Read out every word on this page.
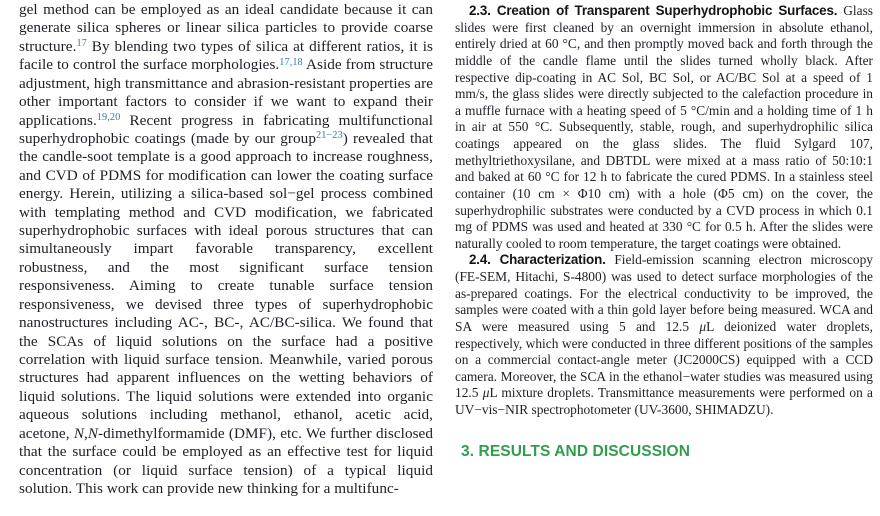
gel method can be employed as an ideal candidate because it can generate silica spheres or linear silica particles to provide coarse structure.$^{17}$ By blending two types of silica at different ratios, it is facile to control the surface morphologies.$^{17,18}$ Aside from structure adjustment, high transmittance and abrasion-resistant properties are other important factors to consider if we want to expand their applications.$^{19,20}$ Recent progress in fabricating multifunctional superhydrophobic coatings (made by our group$^{21-23}$) revealed that the candle-soot template is a good approach to increase roughness, and CVD of PDMS for modification can lower the coating surface energy. Herein, utilizing a silica-based sol−gel process combined with templating method and CVD modification, we fabricated superhydrophobic surfaces with ideal porous structures that can simultaneously impart favorable transparency, excellent robustness, and the most significant surface tension responsiveness. Aiming to create tunable surface tension responsiveness, we devised three types of superhydrophobic nanostructures including AC-, BC-, AC/BC-silica. We found that the SCAs of liquid solutions on the surface had a positive correlation with liquid surface tension. Meanwhile, varied porous structures had apparent influences on the wetting behaviors of liquid solutions. The liquid solutions were extended into organic aqueous solutions including methanol, ethanol, acetic acid, acetone, N,N-dimethylformamide (DMF), etc. We further disclosed that the surface could be employed as an effective test for liquid concentration (or liquid surface tension) of a typical liquid solution. This work can provide new thinking for a multifunc-

2.3. Creation of Transparent Superhydrophobic Surfaces. Glass slides were first cleaned by an overnight immersion in absolute ethanol, entirely dried at 60 °C, and then promptly moved back and forth through the middle of the candle flame until the slides turned wholly black. After respective dip-coating in AC Sol, BC Sol, or AC/BC Sol at a speed of 1 mm/s, the glass slides were directly subjected to the calefaction procedure in a muffle furnace with a heating speed of 5 °C/min and a holding time of 1 h in air at 550 °C. Subsequently, stable, rough, and superhydrophilic silica coatings appeared on the glass slides. The fluid Sylgard 107, methyltriethoxysilane, and DBTDL were mixed at a mass ratio of 50:10:1 and baked at 60 °C for 12 h to fabricate the cured PDMS. In a stainless steel container (10 cm × Φ10 cm) with a hole (Φ5 cm) on the cover, the superhydrophilic substrates were conducted by a CVD process in which 0.1 mg of PDMS was used and heated at 330 °C for 0.5 h. After the slides were naturally cooled to room temperature, the target coatings were obtained.

2.4. Characterization. Field-emission scanning electron microscopy (FE-SEM, Hitachi, S-4800) was used to detect surface morphologies of the as-prepared coatings. For the electrical conductivity to be improved, the samples were coated with a thin gold layer before being measured. WCA and SA were measured using 5 and 12.5 μL deionized water droplets, respectively, which were conducted in three different positions of the samples on a commercial contact-angle meter (JC2000CS) equipped with a CCD camera. Moreover, the SCA in the ethanol−water studies was measured using 12.5 μL mixture droplets. Transmittance measurements were performed on a UV−vis−NIR spectrophotometer (UV-3600, SHIMADZU).

3. RESULTS AND DISCUSSION
